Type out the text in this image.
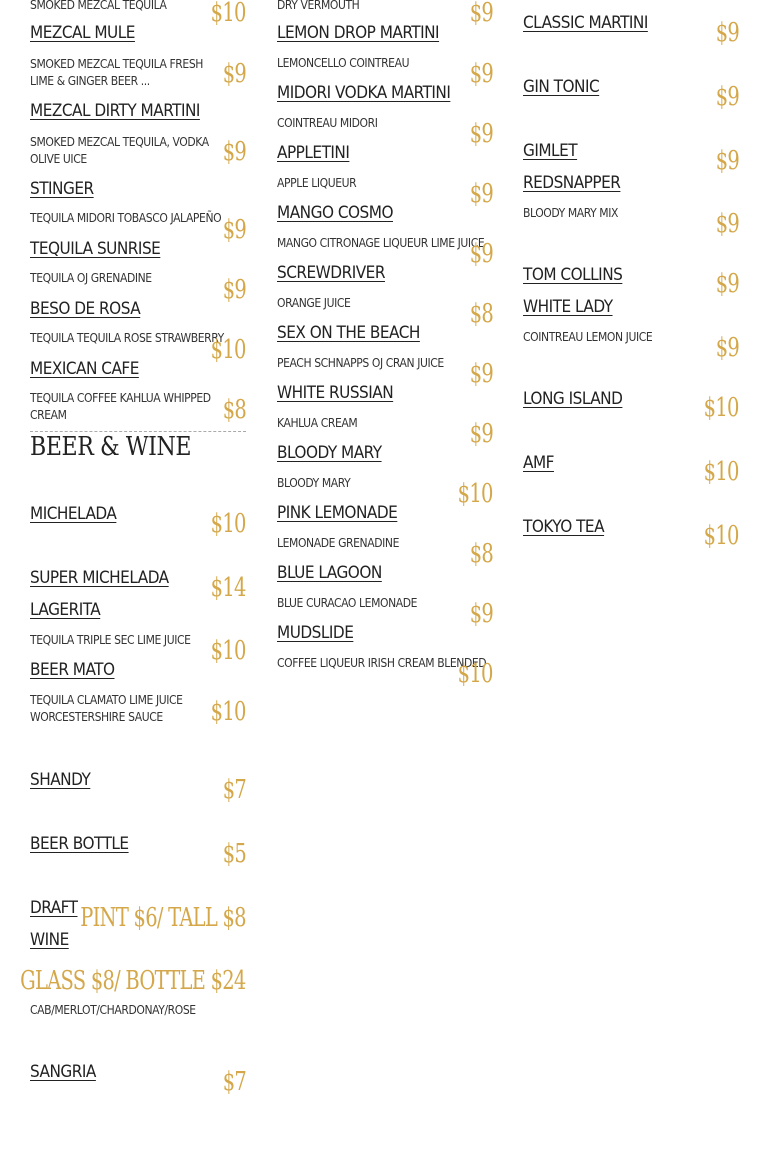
SMOKED MEZCAL TEQUILA $10
MEZCAL MULE
SMOKED MEZCAL TEQUILA FRESH LIME & GINGER BEER ...	$9
MEZCAL DIRTY MARTINI
SMOKED MEZCAL TEQUILA, VODKA OLIVE UICE	$9
STINGER
TEQUILA MIDORI TOBASCO JALAPEÑO $9
TEQUILA SUNRISE
TEQUILA OJ GRENADINE	$9
BESO DE ROSA
TEQUILA TEQUILA ROSE STRAWBERRY
$10
MEXICAN CAFE
TEQUILA COFFEE KAHLUA WHIPPED CREAM	$8
BEER & WINE
MICHELADA	$10
SUPER MICHELADA $14
LAGERITA
TEQUILA TRIPLE SEC LIME JUICE $10
BEER MATO
TEQUILA CLAMATO LIME JUICE WORCESTERSHIRE SAUCE	$10
SHANDY	$7
BEER BOTTLE	$5
DRAFT PINT $6/ TALL $8
WINE
GLASS $8/ BOTTLE $24
CAB/MERLOT/CHARDONAY/ROSE
SANGRIA	$7
DRY VERMOUTH	$9
LEMON DROP MARTINI
LEMONCELLO COINTREAU $9
MIDORI VODKA MARTINI
COINTREAU MIDORI	$9
APPLETINI
APPLE LIQUEUR	$9
MANGO COSMO
MANGO CITRONAGE LIQUEUR LIME JUICE
$9
SCREWDRIVER
ORANGE JUICE	$8
SEX ON THE BEACH
PEACH SCHNAPPS OJ CRAN JUICE $9
WHITE RUSSIAN
KAHLUA CREAM	$9
BLOODY MARY
BLOODY MARY	$10
PINK LEMONADE
LEMONADE GRENADINE	$8
BLUE LAGOON
BLUE CURACAO LEMONADE $9
MUDSLIDE
COFFEE LIQUEUR IRISH CREAM BLENDED
$10
CLASSIC MARTINI	$9
GIN TONIC	$9
GIMLET	$9
REDSNAPPER
BLOODY MARY MIX	$9
TOM COLLINS	$9
WHITE LADY
COINTREAU LEMON JUICE $9
LONG ISLAND	$10
AMF	$10
TOKYO TEA	$10
